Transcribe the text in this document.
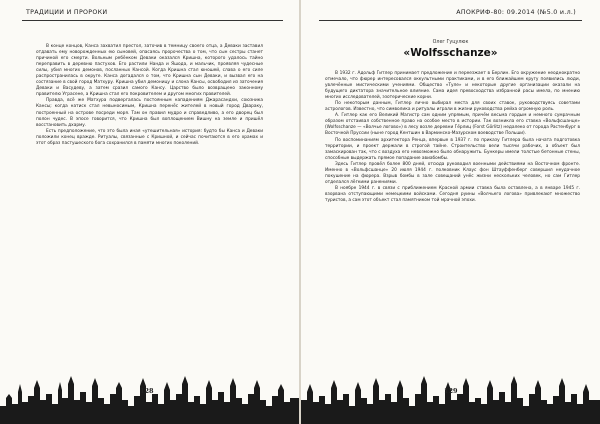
ТРАДИЦИИ И ПРОРОКИ

В конце концов, Канса захватил престол, заточив в темницу своего отца, а Деваки заставил отдавать ему новорожденных ею сыновей, опасаясь пророчества о том, что сын сестры станет причиной его смерти. Вольным ребёнком Деваки оказался Кришна, которого удалось тайно переправить в деревню пастухов. Его растили Нанда и Яшода, и мальчик, проявляя чудесные силы, убил многих демонов, посланных Кансой. Когда Кришна стал юношей, слава о его силе распространилась в округе. Канса догадался о том, что Кришна сын Деваки, и вызвал его на состязание в свой город Матхуру. Кришна убил демоницу и слона Кансы, освободил из заточения Деваки и Васудеву, а затем сразил самого Кансу. Царство было возвращено законному правителю Уграсене, а Кришна стал его покровителем и другом многих правителей.

Правда, всё же Матхура подвергалась постоянным нападениям Джарасандхи, союзника Кансы; когда натиск стал невыносимым, Кришна перенёс жителей в новый город Двараку, построенный на острове посреди моря. Там он правил мудро и справедливо, а его дворец был полон чудес. В эпосе говорится, что Кришна был воплощением Вишну на земле и пришёл восстановить дхарму.

Есть предположение, что это была иная «утешительная» история: будто бы Канса и Деваки положили конец вражде. Ритуалы, связанные с Кришной, и сейчас почитаются в его храмах и этот образ пастушеского бога сохранился в памяти многих поколений.

128
АПОКРИФ-80: 09.2014 (№5.0 и.л.)
Олег Гуцулюк
«Wolfsschanze»

В 1932 г. Адольф Гитлер принимает предложение и переезжает в Берлин. Его окружение неоднократно отмечало, что фюрер интересовался оккультными практиками, и в его ближайшем кругу появились люди, увлечённые мистическими учениями. Общество «Туле» и некоторые другие организации оказали на будущего диктатора значительное влияние. Сама идея превосходства избранной расы имела, по мнению многих исследователей, эзотерические корни.

По некоторым данным, Гитлер лично выбирал места для своих ставок, руководствуясь советами астрологов. Известно, что символика и ритуалы играли в жизни руководства рейха огромную роль.

А. Гитлер как его Великий Магистр сам одним упрямым, причём весьма гордым и немного сумрачным образом отстаивал собственное право на особое место в истории. Так возникла его ставка «Вольфсшанце» (Wolfsschanze — «Волчье логово») в лесу возле деревни Гёрлиц (Forst Görlitz) недалеко от города Растенбург в Восточной Пруссии (ныне город Кентшин в Варминско-Мазурском воеводстве Польши).

По воспоминаниям архитектора Ренца, впервые в 1937 г. по приказу Гитлера была начата подготовка территории, и проект держали в строгой тайне. Строительство вели тысячи рабочих, а объект был замаскирован так, что с воздуха его невозможно было обнаружить. Бункеры имели толстые бетонные стены, способные выдержать прямое попадание авиабомбы.

Здесь Гитлер провёл более 800 дней, отсюда руководил военными действиями на Восточном фронте. Именно в «Вольфсшанце» 20 июля 1944 г. полковник Клаус фон Штауффенберг совершил неудачное покушение на фюрера. Взрыв бомбы в зале совещаний унёс жизни нескольких человек, но сам Гитлер отделался лёгкими ранениями.

В ноябре 1944 г. в связи с приближением Красной армии ставка была оставлена, а в январе 1945 г. взорвана отступающими немецкими войсками. Сегодня руины «Волчьего логова» привлекают множество туристов, а сам этот объект стал памятником той мрачной эпохи.

129
